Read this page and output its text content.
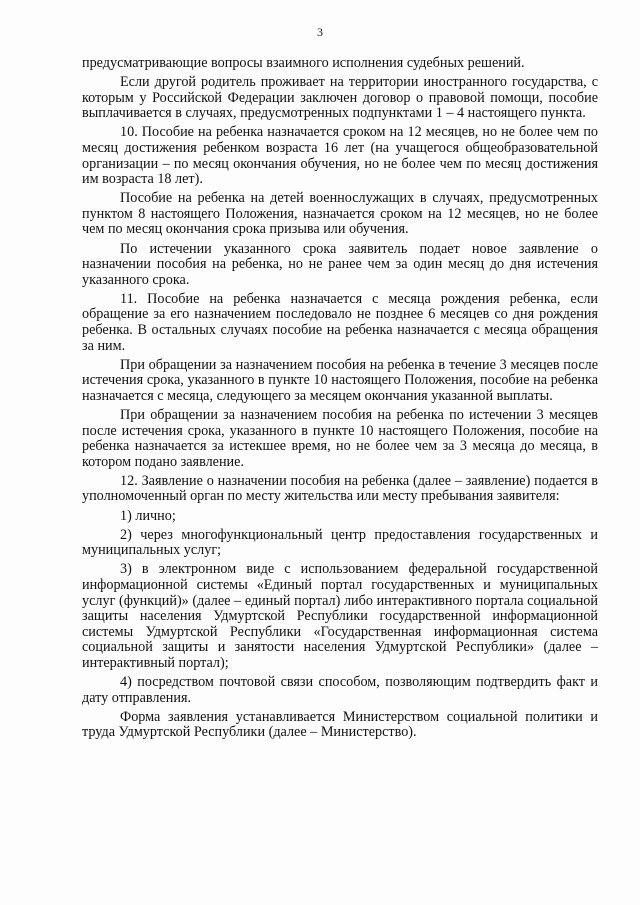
3

предусматривающие вопросы взаимного исполнения судебных решений.

Если другой родитель проживает на территории иностранного государства, с которым у Российской Федерации заключен договор о правовой помощи, пособие выплачивается в случаях, предусмотренных подпунктами 1 – 4 настоящего пункта.

10. Пособие на ребенка назначается сроком на 12 месяцев, но не более чем по месяц достижения ребенком возраста 16 лет (на учащегося общеобразовательной организации – по месяц окончания обучения, но не более чем по месяц достижения им возраста 18 лет).

Пособие на ребенка на детей военнослужащих в случаях, предусмотренных пунктом 8 настоящего Положения, назначается сроком на 12 месяцев, но не более чем по месяц окончания срока призыва или обучения.

По истечении указанного срока заявитель подает новое заявление о назначении пособия на ребенка, но не ранее чем за один месяц до дня истечения указанного срока.

11. Пособие на ребенка назначается с месяца рождения ребенка, если обращение за его назначением последовало не позднее 6 месяцев со дня рождения ребенка. В остальных случаях пособие на ребенка назначается с месяца обращения за ним.

При обращении за назначением пособия на ребенка в течение 3 месяцев после истечения срока, указанного в пункте 10 настоящего Положения, пособие на ребенка назначается с месяца, следующего за месяцем окончания указанной выплаты.

При обращении за назначением пособия на ребенка по истечении 3 месяцев после истечения срока, указанного в пункте 10 настоящего Положения, пособие на ребенка назначается за истекшее время, но не более чем за 3 месяца до месяца, в котором подано заявление.

12. Заявление о назначении пособия на ребенка (далее – заявление) подается в уполномоченный орган по месту жительства или месту пребывания заявителя:

1) лично;

2) через многофункциональный центр предоставления государственных и муниципальных услуг;

3) в электронном виде с использованием федеральной государственной информационной системы «Единый портал государственных и муниципальных услуг (функций)» (далее – единый портал) либо интерактивного портала социальной защиты населения Удмуртской Республики государственной информационной системы Удмуртской Республики «Государственная информационная система социальной защиты и занятости населения Удмуртской Республики» (далее – интерактивный портал);

4) посредством почтовой связи способом, позволяющим подтвердить факт и дату отправления.

Форма заявления устанавливается Министерством социальной политики и труда Удмуртской Республики (далее – Министерство).
